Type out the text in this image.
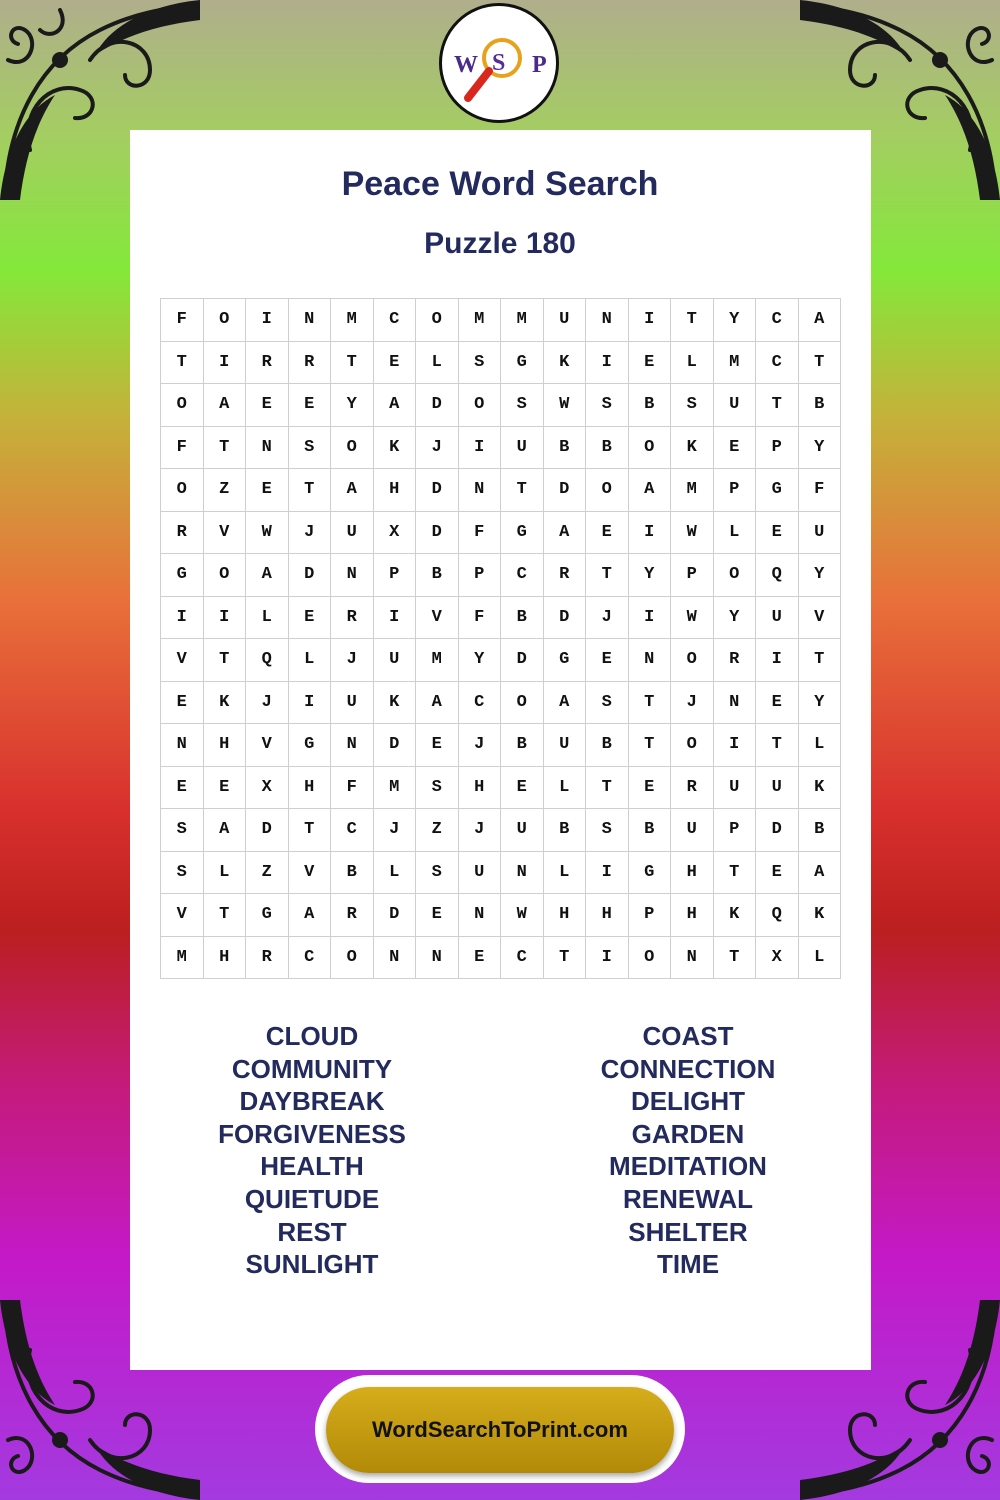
W S P
Peace Word Search
Puzzle 180
F	O	I	N	M	C	O	M	M	U	N	I	T	Y	C	A
T	I	R	R	T	E	L	S	G	K	I	E	L	M	C	T
O	A	E	E	Y	A	D	O	S	W	S	B	S	U	T	B
F	T	N	S	O	K	J	I	U	B	B	O	K	E	P	Y
O	Z	E	T	A	H	D	N	T	D	O	A	M	P	G	F
R	V	W	J	U	X	D	F	G	A	E	I	W	L	E	U
G	O	A	D	N	P	B	P	C	R	T	Y	P	O	Q	Y
I	I	L	E	R	I	V	F	B	D	J	I	W	Y	U	V
V	T	Q	L	J	U	M	Y	D	G	E	N	O	R	I	T
E	K	J	I	U	K	A	C	O	A	S	T	J	N	E	Y
N	H	V	G	N	D	E	J	B	U	B	T	O	I	T	L
E	E	X	H	F	M	S	H	E	L	T	E	R	U	U	K
S	A	D	T	C	J	Z	J	U	B	S	B	U	P	D	B
S	L	Z	V	B	L	S	U	N	L	I	G	H	T	E	A
V	T	G	A	R	D	E	N	W	H	H	P	H	K	Q	K
M	H	R	C	O	N	N	E	C	T	I	O	N	T	X	L
CLOUD
COMMUNITY
DAYBREAK
FORGIVENESS
HEALTH
QUIETUDE
REST
SUNLIGHT
COAST
CONNECTION
DELIGHT
GARDEN
MEDITATION
RENEWAL
SHELTER
TIME
WordSearchToPrint.com
